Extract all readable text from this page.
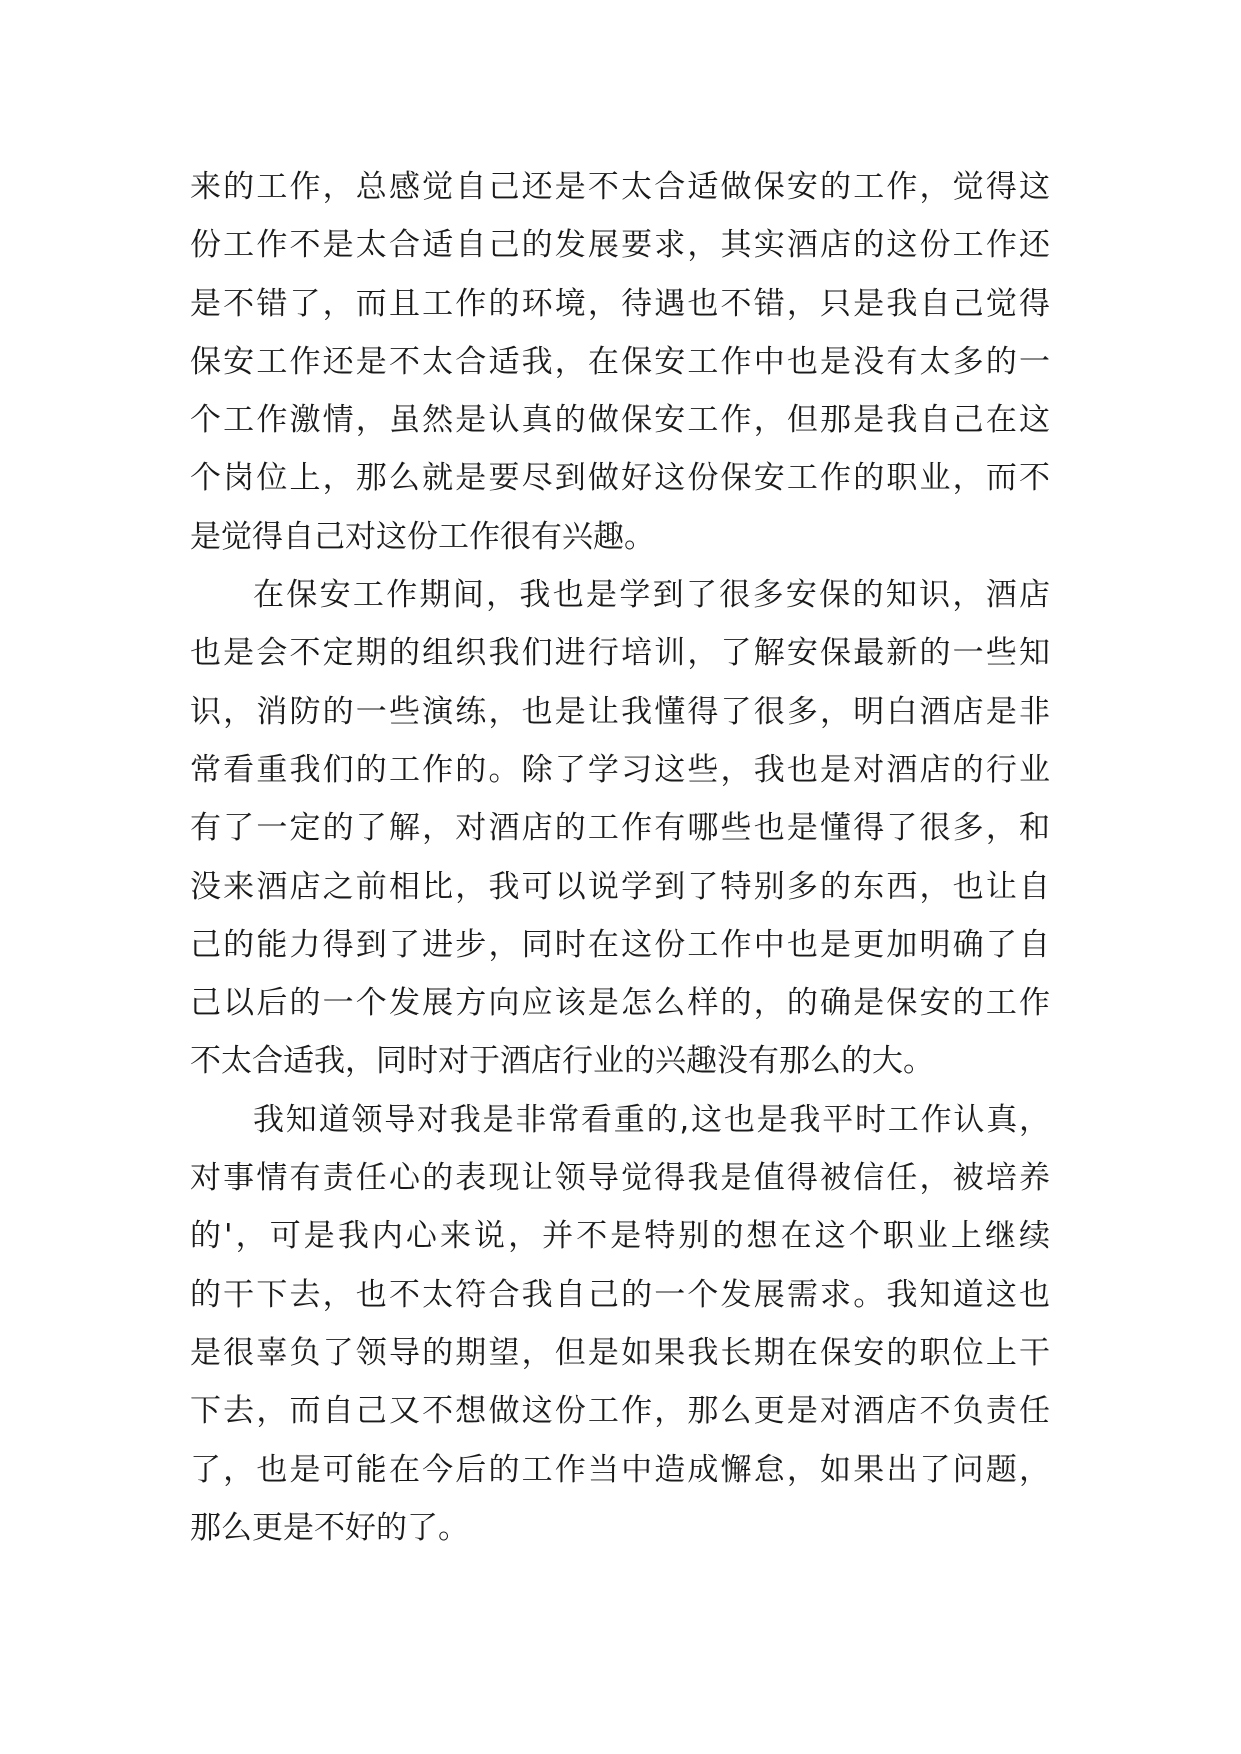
来的工作，总感觉自己还是不太合适做保安的工作，觉得这
份工作不是太合适自己的发展要求，其实酒店的这份工作还
是不错了，而且工作的环境，待遇也不错，只是我自己觉得
保安工作还是不太合适我，在保安工作中也是没有太多的一
个工作激情，虽然是认真的做保安工作，但那是我自己在这
个岗位上，那么就是要尽到做好这份保安工作的职业，而不
是觉得自己对这份工作很有兴趣。
在保安工作期间，我也是学到了很多安保的知识，酒店
也是会不定期的组织我们进行培训，了解安保最新的一些知
识，消防的一些演练，也是让我懂得了很多，明白酒店是非
常看重我们的工作的。除了学习这些，我也是对酒店的行业
有了一定的了解，对酒店的工作有哪些也是懂得了很多，和
没来酒店之前相比，我可以说学到了特别多的东西，也让自
己的能力得到了进步，同时在这份工作中也是更加明确了自
己以后的一个发展方向应该是怎么样的，的确是保安的工作
不太合适我，同时对于酒店行业的兴趣没有那么的大。
我知道领导对我是非常看重的,这也是我平时工作认真，
对事情有责任心的表现让领导觉得我是值得被信任，被培养
的'，可是我内心来说，并不是特别的想在这个职业上继续
的干下去，也不太符合我自己的一个发展需求。我知道这也
是很辜负了领导的期望，但是如果我长期在保安的职位上干
下去，而自己又不想做这份工作，那么更是对酒店不负责任
了，也是可能在今后的工作当中造成懈怠，如果出了问题，
那么更是不好的了。
